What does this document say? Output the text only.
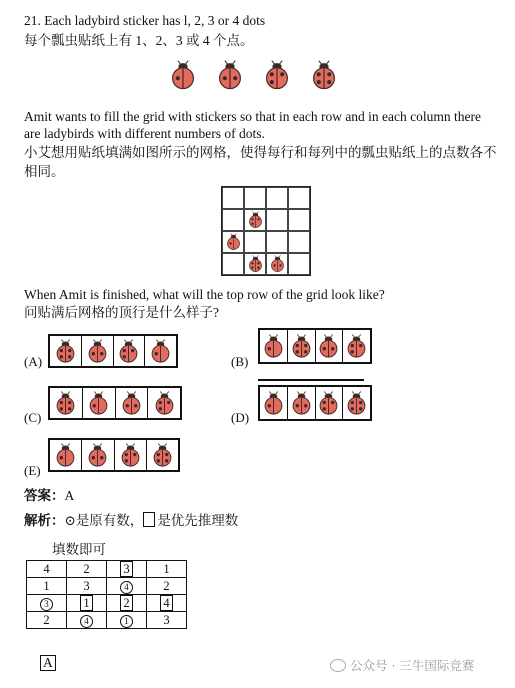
21. Each ladybird sticker has l, 2, 3 or 4 dots
每个瓢虫贴纸上有 1、2、3 或 4 个点。
Amit wants to fill the grid with stickers so that in each row and in each column there
are ladybirds with different numbers of dots.
小艾想用贴纸填满如图所示的网格，使得每行和每列中的瓢虫贴纸上的点数各不
相同。
When Amit is finished, what will the top row of the grid look like?
问贴满后网格的顶行是什么样子?
(A)	(B)
(C)	(D)
(E)
答案：A
解析：⊙是原有数， 是优先推理数
填数即可
4	2	3	1
1	3	4	2
3	1	2	4
2	4	1	3
A	公众号 · 三牛国际竞赛
